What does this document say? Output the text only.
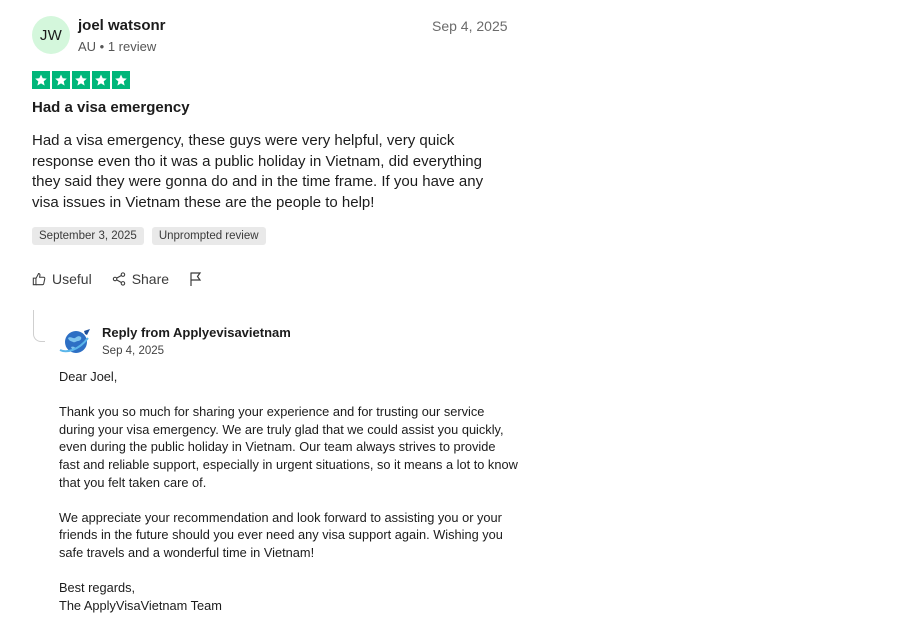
JW
joel watsonr
AU • 1 review
Sep 4, 2025
Had a visa emergency
Had a visa emergency, these guys were very helpful, very quick response even tho it was a public holiday in Vietnam, did everything they said they were gonna do and in the time frame. If you have any visa issues in Vietnam these are the people to help!
September 3, 2025	Unprompted review
Useful	Share
Reply from Applyevisavietnam
Sep 4, 2025

Dear Joel,

Thank you so much for sharing your experience and for trusting our service during your visa emergency. We are truly glad that we could assist you quickly, even during the public holiday in Vietnam. Our team always strives to provide fast and reliable support, especially in urgent situations, so it means a lot to know that you felt taken care of.

We appreciate your recommendation and look forward to assisting you or your friends in the future should you ever need any visa support again. Wishing you safe travels and a wonderful time in Vietnam!

Best regards,
The ApplyVisaVietnam Team
